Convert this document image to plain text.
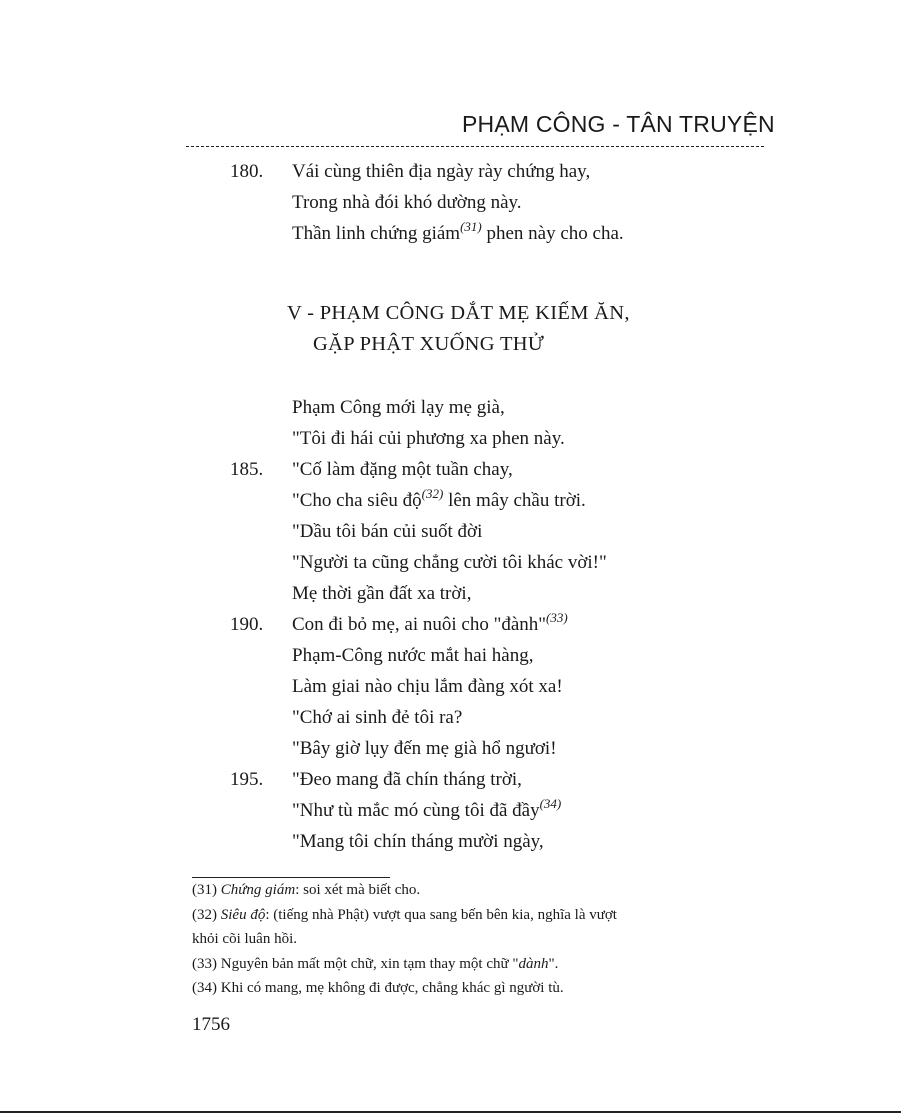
PHẠM CÔNG - TÂN TRUYỆN
180. Vái cùng thiên địa ngày rày chứng hay,
Trong nhà đói khó dường này.
Thần linh chứng giám$^{(31)}$ phen này cho cha.
V - PHẠM CÔNG DẮT MẸ KIẾM ĂN,
GẶP PHẬT XUỐNG THỬ
Phạm Công mới lạy mẹ già,
"Tôi đi hái củi phương xa phen này.
185. "Cố làm đặng một tuần chay,
"Cho cha siêu độ$^{(32)}$ lên mây chầu trời.
"Dầu tôi bán củi suốt đời
"Người ta cũng chẳng cười tôi khác vời!"
Mẹ thời gần đất xa trời,
190. Con đi bỏ mẹ, ai nuôi cho "đành"$^{(33)}$
Phạm-Công nước mắt hai hàng,
Làm giai nào chịu lắm đàng xót xa!
"Chớ ai sinh đẻ tôi ra?
"Bây giờ lụy đến mẹ già hổ ngươi!
195. "Đeo mang đã chín tháng trời,
"Như tù mắc mó cùng tôi đã đầy$^{(34)}$
"Mang tôi chín tháng mười ngày,
(31) Chứng giám: soi xét mà biết cho.
(32) Siêu độ: (tiếng nhà Phật) vượt qua sang bến bên kia, nghĩa là vượt
khỏi cõi luân hồi.
(33) Nguyên bản mất một chữ, xin tạm thay một chữ "dành".
(34) Khi có mang, mẹ không đi được, chẳng khác gì người tù.
1756
